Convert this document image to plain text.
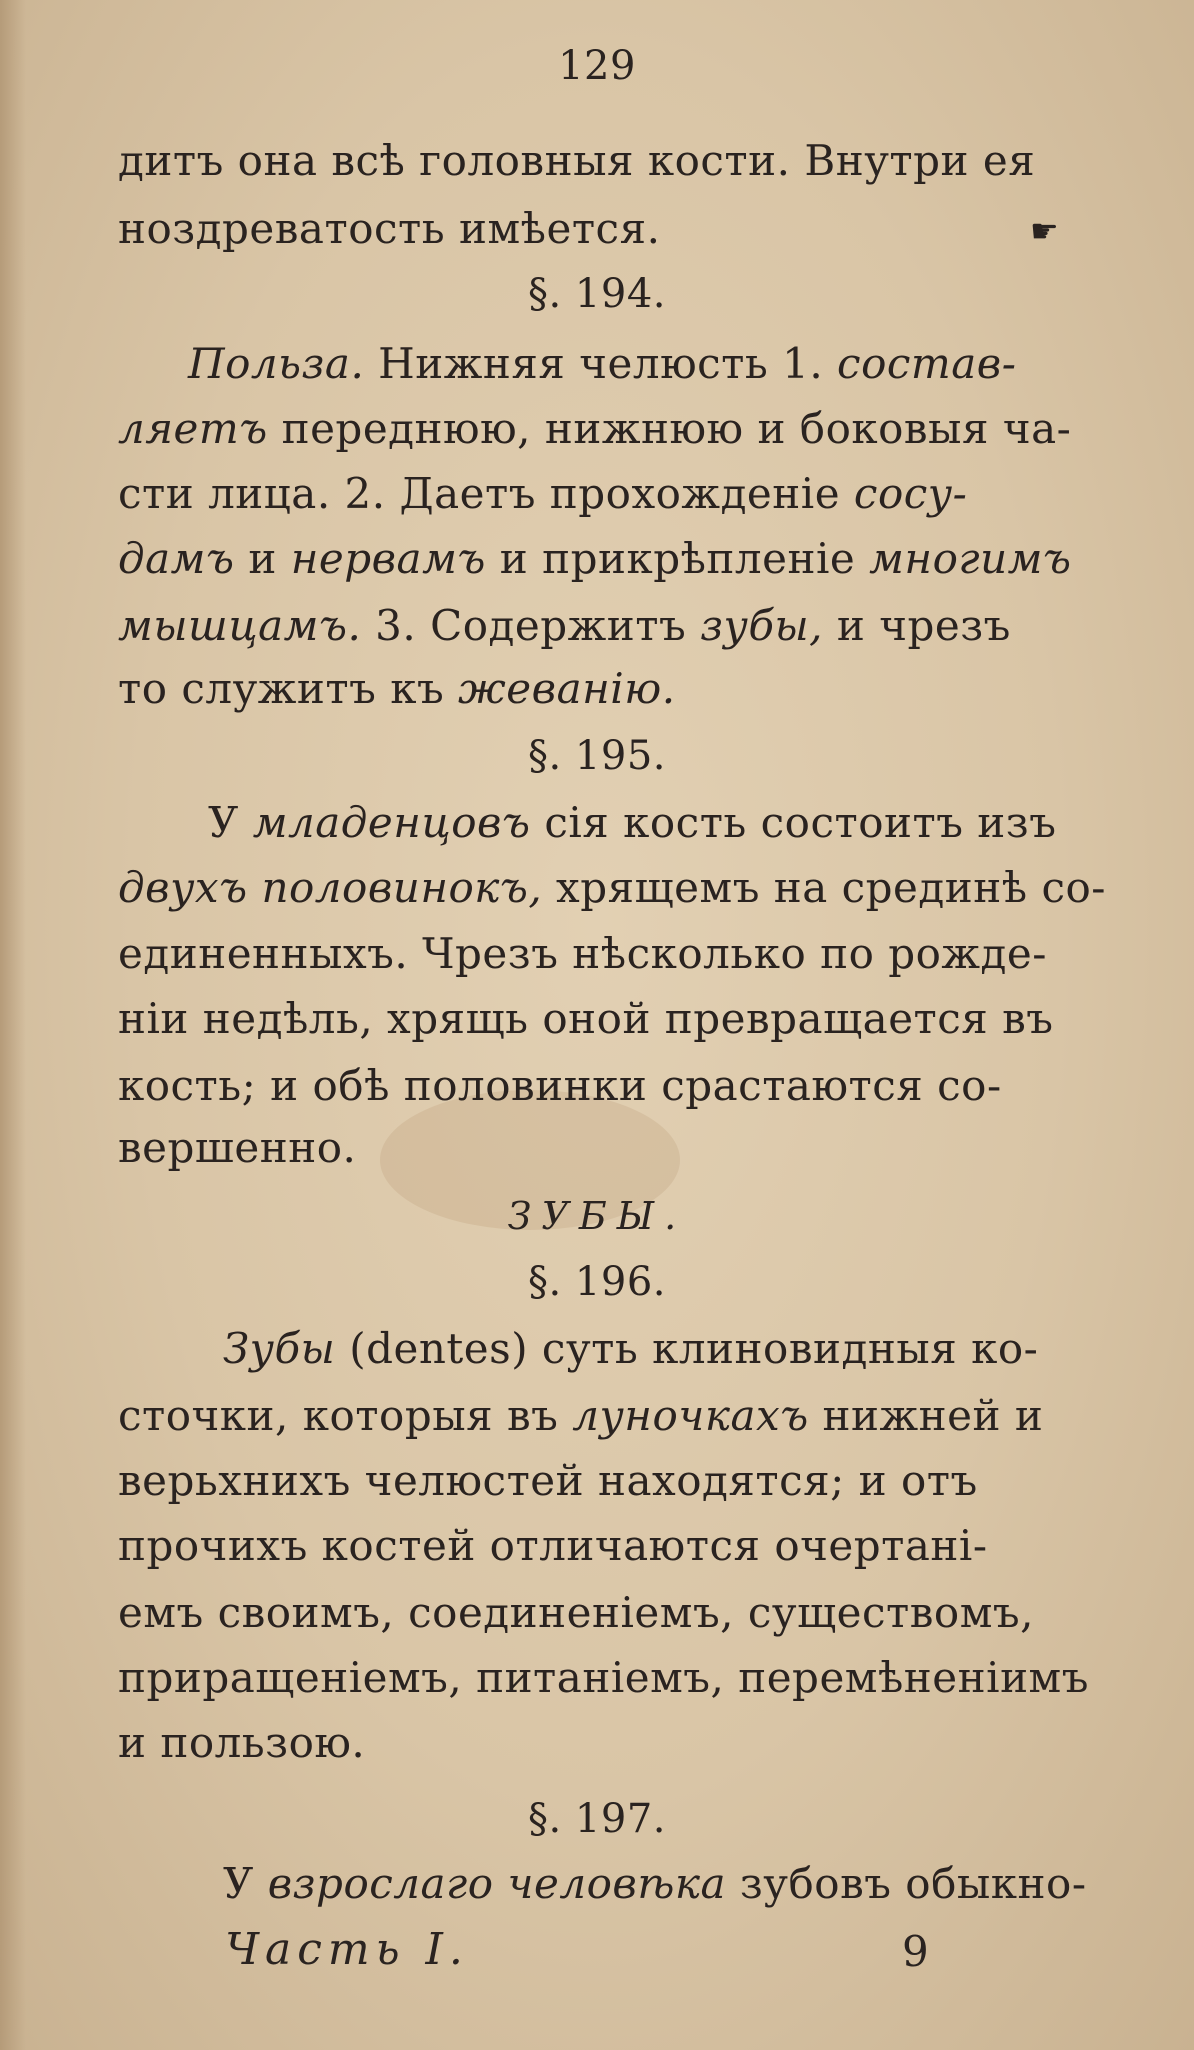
129
дитъ она всѣ головныя кости. Внутри ея
ноздреватость имѣется.	☛
§. 194.
Польза. Нижняя челюсть 1. состав-
ляетъ переднюю, нижнюю и боковыя ча-
сти лица. 2. Даетъ прохожденіе сосу-
дамъ и нервамъ и прикрѣпленіе многимъ
мышцамъ. 3. Содержитъ зубы, и чрезъ
то служитъ къ жеванію.
§. 195.
У младенцовъ сія кость состоитъ изъ
двухъ половинокъ, хрящемъ на срединѣ со-
единенныхъ. Чрезъ нѣсколько по рожде-
ніи недѣль, хрящь оной превращается въ
кость; и обѣ половинки срастаются со-
вершенно.
ЗУБЫ.
§. 196.
Зубы (dentes) суть клиновидныя ко-
сточки, которыя въ луночкахъ нижней и
верьхнихъ челюстей находятся; и отъ
прочихъ костей отличаются очертані-
емъ своимъ, соединеніемъ, существомъ,
приращеніемъ, питаніемъ, перемѣненіимъ
и пользою.
§. 197.
У взрослаго человѣка зубовъ обыкно-
Часть I.	9
